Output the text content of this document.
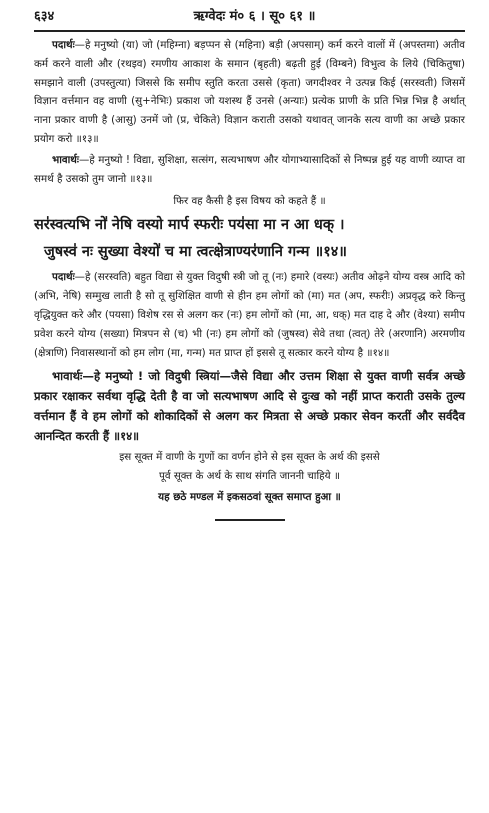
६३४	ऋग्वेदः मं० ६ । सू० ६१ ॥

पदार्थः—हे मनुष्यो (या) जो (महिम्ना) बड़प्पन से (महिना) बड़ी (अपसाम्) कर्म करने वालों में (अपस्तमा) अतीव कर्म करने वाली और (रथइव) रमणीय आकाश के समान (बृहती) बढ़ती हुई (विम्बने) विभुत्व के लिये (चिकितुषा) समझाने वाली (उपस्तुत्या) जिससे कि समीप स्तुति करता उससे (कृता) जगदीश्वर ने उत्पन्न किई (सरस्वती) जिसमें विज्ञान वर्त्तमान वह वाणी (सु+नेभिः) प्रकाश जो यशस्थ हैं उनसे (अन्याः) प्रत्येक प्राणी के प्रति भिन्न भिन्न है अर्थात् नाना प्रकार वाणी है (आसु) उनमें जो (प्र, चेकिते) विज्ञान कराती उसको यथावत् जानके सत्य वाणी का अच्छे प्रकार प्रयोग करो ॥१३॥

भावार्थः—हे मनुष्यो ! विद्या, सुशिक्षा, सत्संग, सत्यभाषण और योगाभ्यासादिकों से निष्पन्न हुई यह वाणी व्याप्त वा समर्थ है उसको तुम जानो ॥१३॥

फिर वह कैसी है इस विषय को कहते हैं ॥

सर॑स्वत्यभि नो॑ नेषि वस्यो मार्प स्फरीः पय॑सा मा न आ धक् ।

जुषस्व॑ नः सुख्या वेश्यो॑ च मा त्वत्क्षेत्राण्यर॑णानि गन्म ॥१४॥

पदार्थः—हे (सरस्वति) बहुत विद्या से युक्त विदुषी स्त्री जो तू (नः) हमारे (वस्यः) अतीव ओढ़ने योग्य वस्त्र आदि को (अभि, नेषि) सम्मुख लाती है सो तू सुशिक्षित वाणी से हीन हम लोगों को (मा) मत (अप, स्फरीः) अप्रवृद्ध करे किन्तु वृद्धियुक्त करे और (पयसा) विशेष रस से अलग कर (नः) हम लोगों को (मा, आ, धक्) मत दाह दे और (वेश्या) समीप प्रवेश करने योग्य (सख्या) मित्रपन से (च) भी (नः) हम लोगों को (जुषस्व) सेवे तथा (त्वत्) तेरे (अरणानि) अरमणीय (क्षेत्राणि) निवासस्थानों को हम लोग (मा, गन्म) मत प्राप्त हों इससे तू सत्कार करने योग्य है ॥१४॥

भावार्थः—हे मनुष्यो ! जो विदुषी स्त्रियां—जैसे विद्या और उत्तम शिक्षा से युक्त वाणी सर्वत्र अच्छे प्रकार रक्षाकर सर्वथा वृद्धि देती है वा जो सत्यभाषण आदि से दुःख को नहीं प्राप्त कराती उसके तुल्य वर्त्तमान हैं वे हम लोगों को शोकादिकों से अलग कर मित्रता से अच्छे प्रकार सेवन करतीं और सर्वदैव आनन्दित करती हैं ॥१४॥

इस सूक्त में वाणी के गुणों का वर्णन होने से इस सूक्त के अर्थ की इससे

पूर्व सूक्त के अर्थ के साथ संगति जाननी चाहिये ॥

यह छठे मण्डल में इकसठवां सूक्त समाप्त हुआ ॥
